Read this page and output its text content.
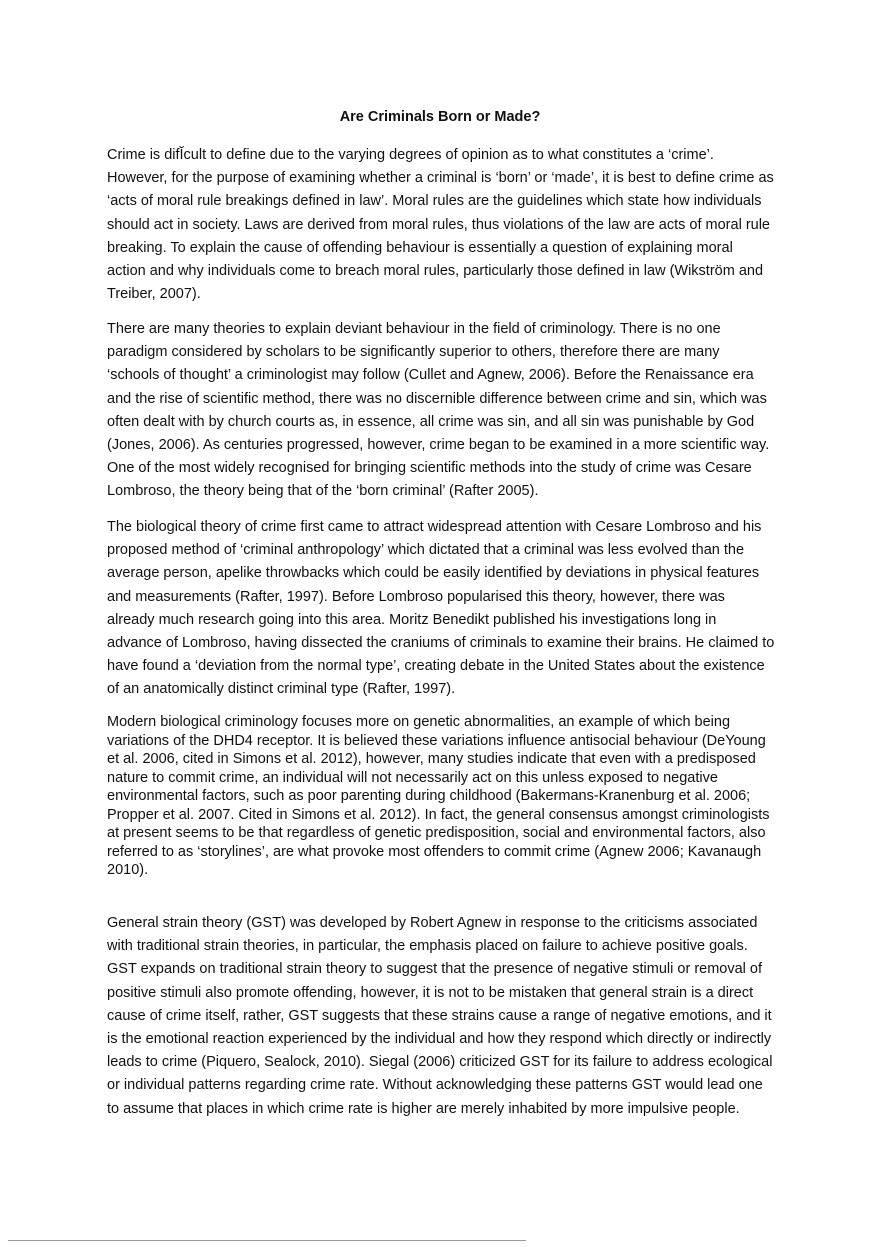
Are Criminals Born or Made?

Crime is difĬcult to define due to the varying degrees of opinion as to what constitutes a ‘crime’. However, for the purpose of examining whether a criminal is ‘born’ or ‘made’, it is best to define crime as ‘acts of moral rule breakings defined in law’. Moral rules are the guidelines which state how individuals should act in society. Laws are derived from moral rules, thus violations of the law are acts of moral rule breaking. To explain the cause of offending behaviour is essentially a question of explaining moral action and why individuals come to breach moral rules, particularly those defined in law (Wikström and Treiber, 2007).

There are many theories to explain deviant behaviour in the field of criminology. There is no one paradigm considered by scholars to be significantly superior to others, therefore there are many ‘schools of thought’ a criminologist may follow (Cullet and Agnew, 2006). Before the Renaissance era and the rise of scientific method, there was no discernible difference between crime and sin, which was often dealt with by church courts as, in essence, all crime was sin, and all sin was punishable by God (Jones, 2006). As centuries progressed, however, crime began to be examined in a more scientific way. One of the most widely recognised for bringing scientific methods into the study of crime was Cesare Lombroso, the theory being that of the ‘born criminal’ (Rafter 2005).

The biological theory of crime first came to attract widespread attention with Cesare Lombroso and his proposed method of ‘criminal anthropology’ which dictated that a criminal was less evolved than the average person, apelike throwbacks which could be easily identified by deviations in physical features and measurements (Rafter, 1997). Before Lombroso popularised this theory, however, there was already much research going into this area. Moritz Benedikt published his investigations long in advance of Lombroso, having dissected the craniums of criminals to examine their brains. He claimed to have found a ‘deviation from the normal type’, creating debate in the United States about the existence of an anatomically distinct criminal type (Rafter, 1997).

Modern biological criminology focuses more on genetic abnormalities, an example of which being variations of the DHD4 receptor. It is believed these variations influence antisocial behaviour (DeYoung et al. 2006, cited in Simons et al. 2012), however, many studies indicate that even with a predisposed nature to commit crime, an individual will not necessarily act on this unless exposed to negative environmental factors, such as poor parenting during childhood (Bakermans-Kranenburg et al. 2006; Propper et al. 2007. Cited in Simons et al. 2012). In fact, the general consensus amongst criminologists at present seems to be that regardless of genetic predisposition, social and environmental factors, also referred to as ‘storylines’, are what provoke most offenders to commit crime (Agnew 2006; Kavanaugh 2010).

General strain theory (GST) was developed by Robert Agnew in response to the criticisms associated with traditional strain theories, in particular, the emphasis placed on failure to achieve positive goals. GST expands on traditional strain theory to suggest that the presence of negative stimuli or removal of positive stimuli also promote offending, however, it is not to be mistaken that general strain is a direct cause of crime itself, rather, GST suggests that these strains cause a range of negative emotions, and it is the emotional reaction experienced by the individual and how they respond which directly or indirectly leads to crime (Piquero, Sealock, 2010). Siegal (2006) criticized GST for its failure to address ecological or individual patterns regarding crime rate. Without acknowledging these patterns GST would lead one to assume that places in which crime rate is higher are merely inhabited by more impulsive people.
